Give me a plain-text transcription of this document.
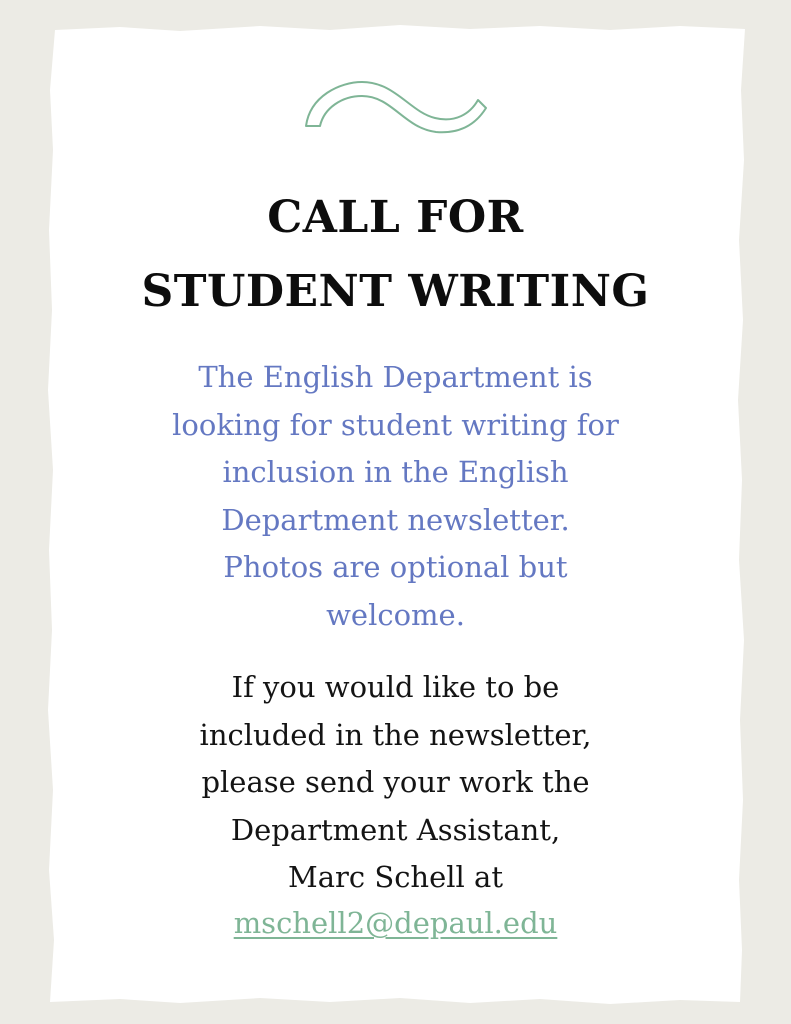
CALL FOR
STUDENT WRITING

The English Department is
looking for student writing for
inclusion in the English
Department newsletter.
Photos are optional but
welcome.

If you would like to be
included in the newsletter,
please send your work the
Department Assistant,
Marc Schell at

mschell2@depaul.edu
